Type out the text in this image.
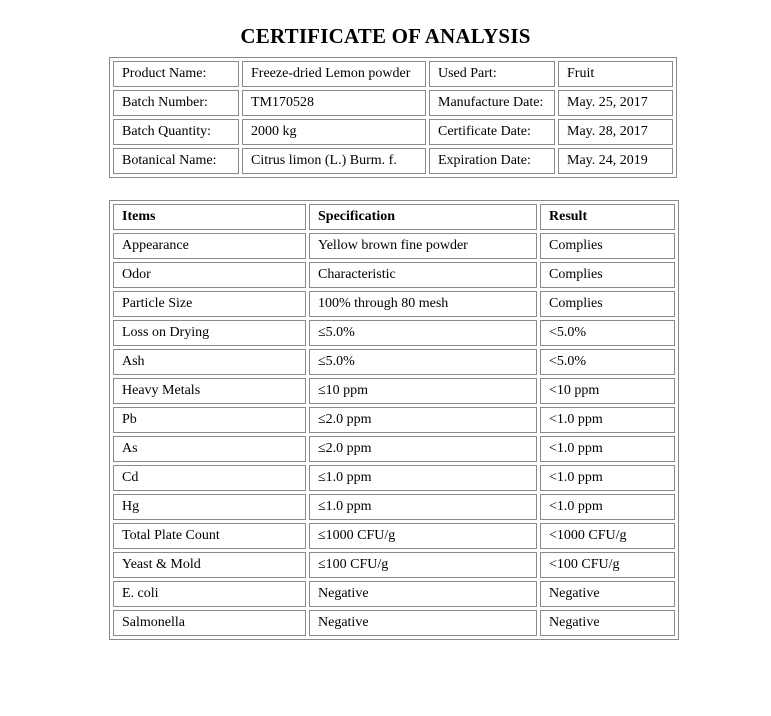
CERTIFICATE OF ANALYSIS
Product Name:	Freeze-dried Lemon powder	Used Part:	Fruit
Batch Number:	TM170528	Manufacture Date:	May. 25, 2017
Batch Quantity:	2000 kg	Certificate Date:	May. 28, 2017
Botanical Name:	Citrus limon (L.) Burm. f.	Expiration Date:	May. 24, 2019
Items	Specification	Result
Appearance	Yellow brown fine powder	Complies
Odor	Characteristic	Complies
Particle Size	100% through 80 mesh	Complies
Loss on Drying	≤5.0%	<5.0%
Ash	≤5.0%	<5.0%
Heavy Metals	≤10 ppm	<10 ppm
Pb	≤2.0 ppm	<1.0 ppm
As	≤2.0 ppm	<1.0 ppm
Cd	≤1.0 ppm	<1.0 ppm
Hg	≤1.0 ppm	<1.0 ppm
Total Plate Count	≤1000 CFU/g	<1000 CFU/g
Yeast & Mold	≤100 CFU/g	<100 CFU/g
E. coli	Negative	Negative
Salmonella	Negative	Negative
